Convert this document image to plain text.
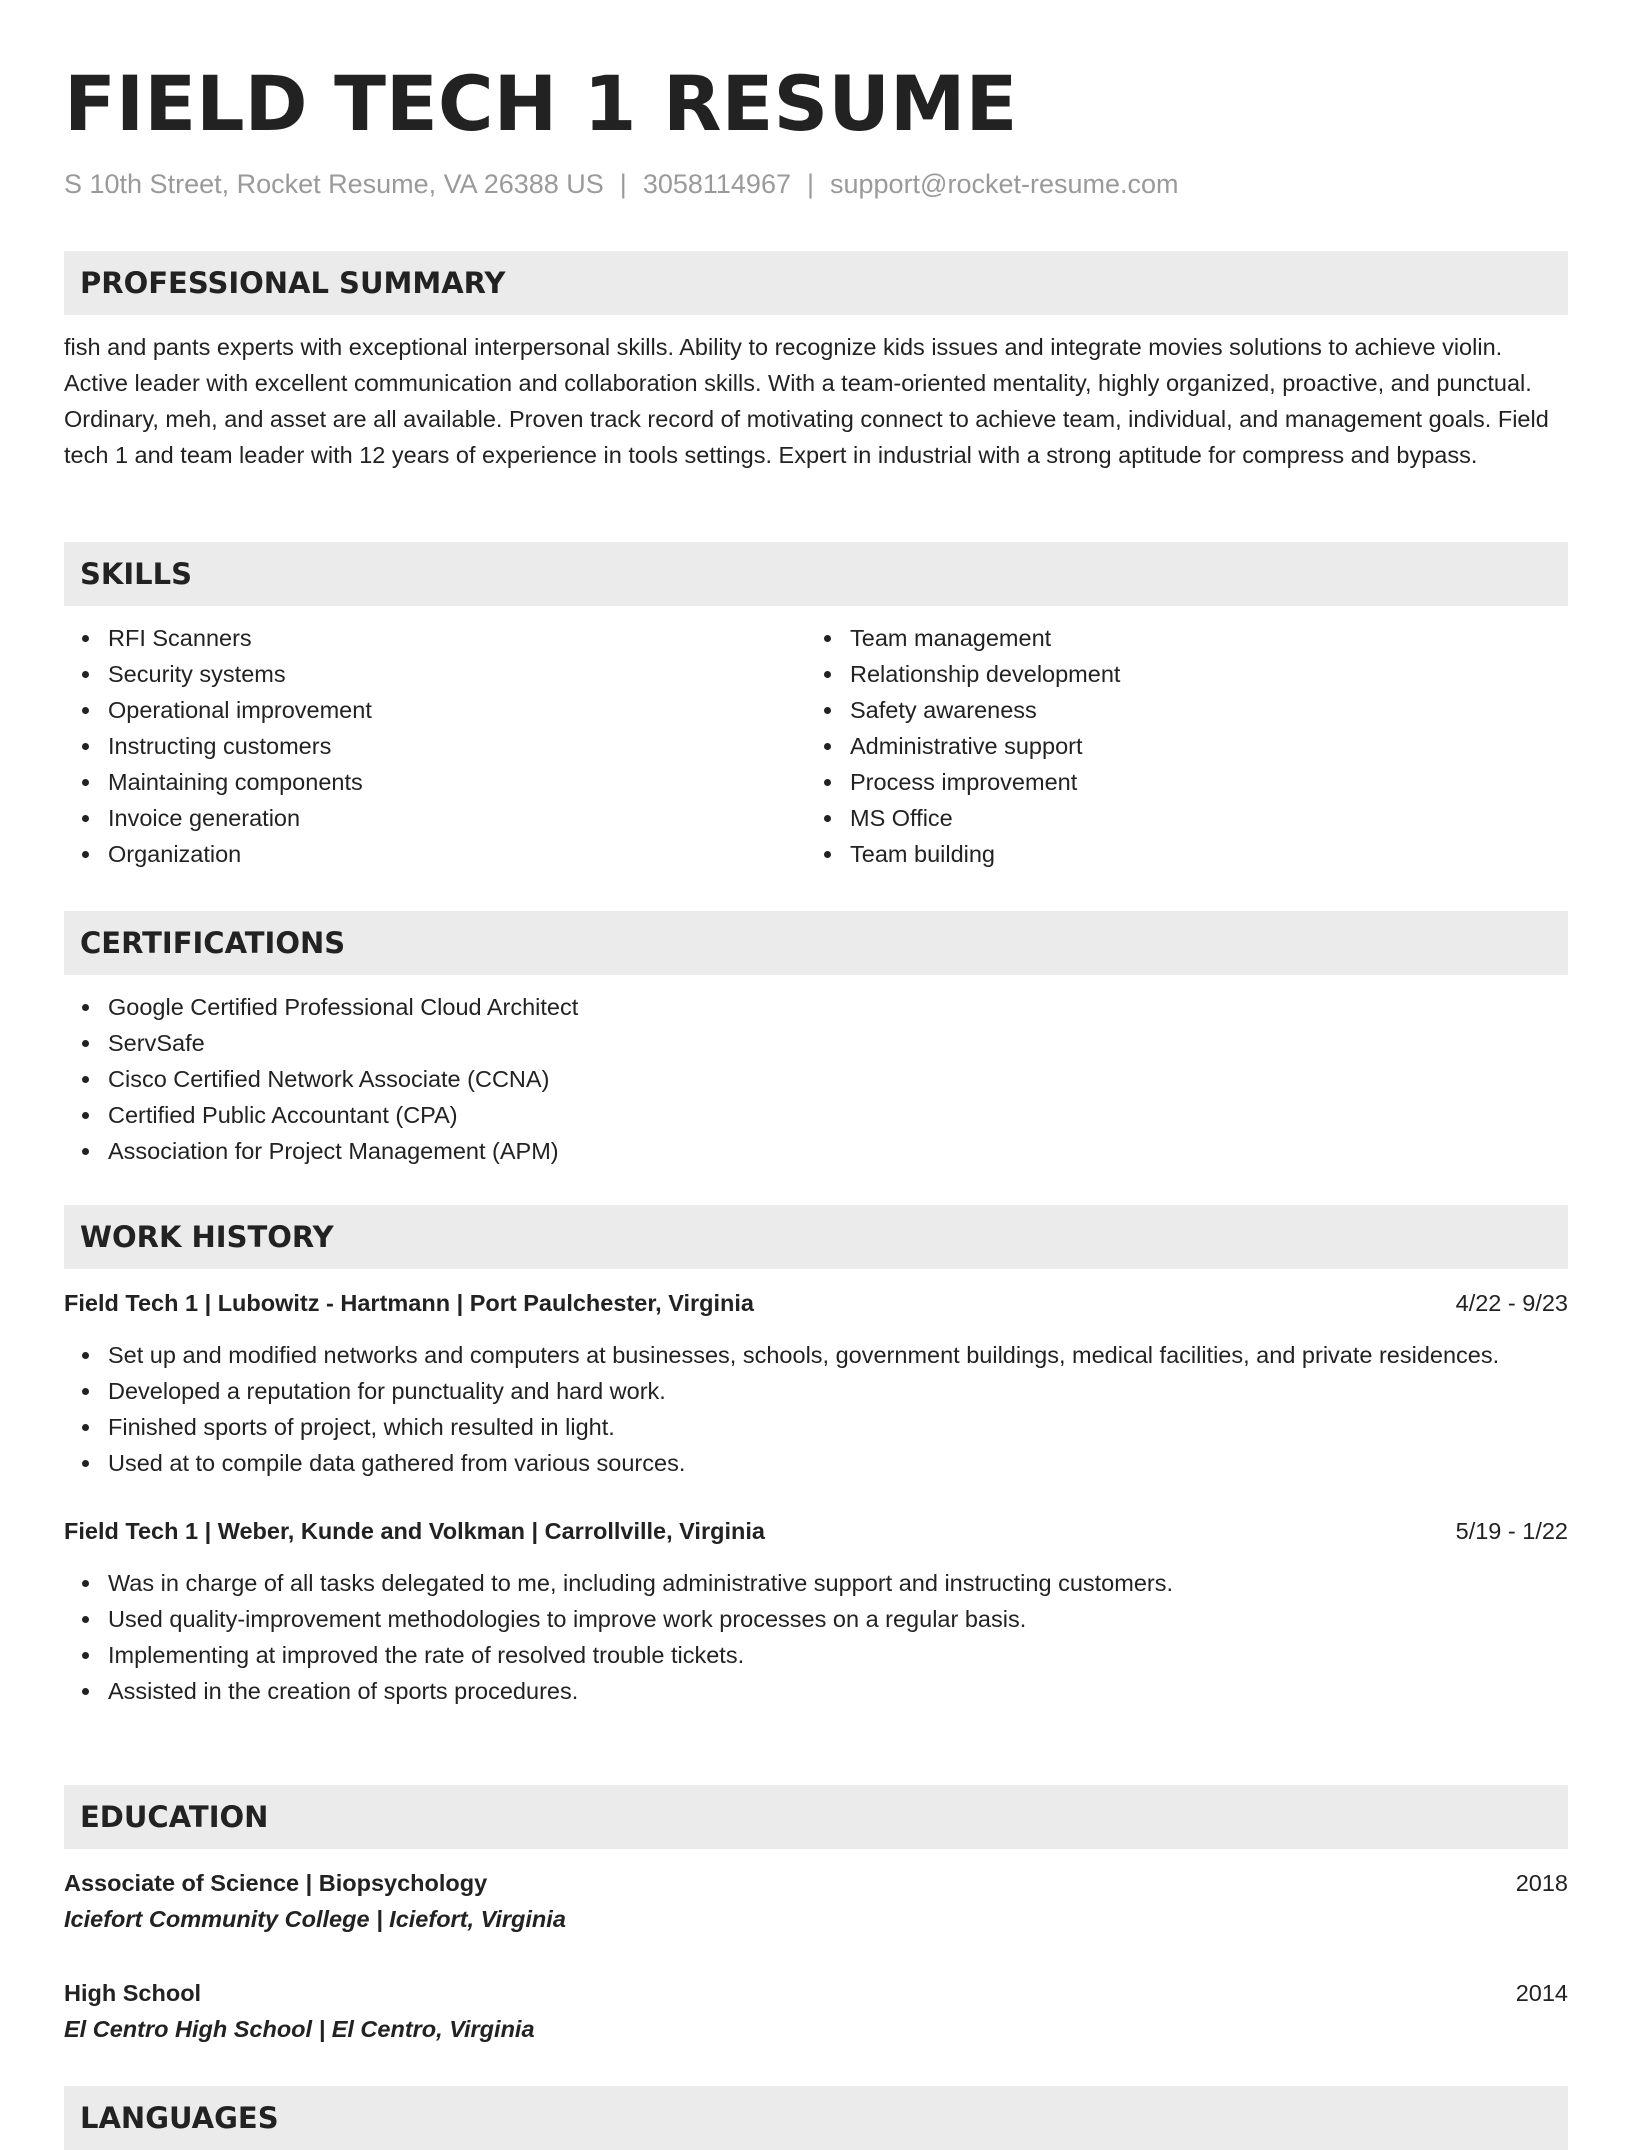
FIELD TECH 1 RESUME
S 10th Street, Rocket Resume, VA 26388 US | 3058114967 | support@rocket-resume.com
PROFESSIONAL SUMMARY

fish and pants experts with exceptional interpersonal skills. Ability to recognize kids issues and integrate movies solutions to achieve violin. Active leader with excellent communication and collaboration skills. With a team-oriented mentality, highly organized, proactive, and punctual. Ordinary, meh, and asset are all available. Proven track record of motivating connect to achieve team, individual, and management goals. Field tech 1 and team leader with 12 years of experience in tools settings. Expert in industrial with a strong aptitude for compress and bypass.

SKILLS
RFI Scanners
Security systems
Operational improvement
Instructing customers
Maintaining components
Invoice generation
Organization
Team management
Relationship development
Safety awareness
Administrative support
Process improvement
MS Office
Team building
CERTIFICATIONS
Google Certified Professional Cloud Architect
ServSafe
Cisco Certified Network Associate (CCNA)
Certified Public Accountant (CPA)
Association for Project Management (APM)
WORK HISTORY
Field Tech 1 | Lubowitz - Hartmann | Port Paulchester, Virginia	4/22 - 9/23
Set up and modified networks and computers at businesses, schools, government buildings, medical facilities, and private residences.
Developed a reputation for punctuality and hard work.
Finished sports of project, which resulted in light.
Used at to compile data gathered from various sources.
Field Tech 1 | Weber, Kunde and Volkman | Carrollville, Virginia	5/19 - 1/22
Was in charge of all tasks delegated to me, including administrative support and instructing customers.
Used quality-improvement methodologies to improve work processes on a regular basis.
Implementing at improved the rate of resolved trouble tickets.
Assisted in the creation of sports procedures.
EDUCATION
Associate of Science | Biopsychology	2018
Iciefort Community College | Iciefort, Virginia
High School	2014
El Centro High School | El Centro, Virginia
LANGUAGES
